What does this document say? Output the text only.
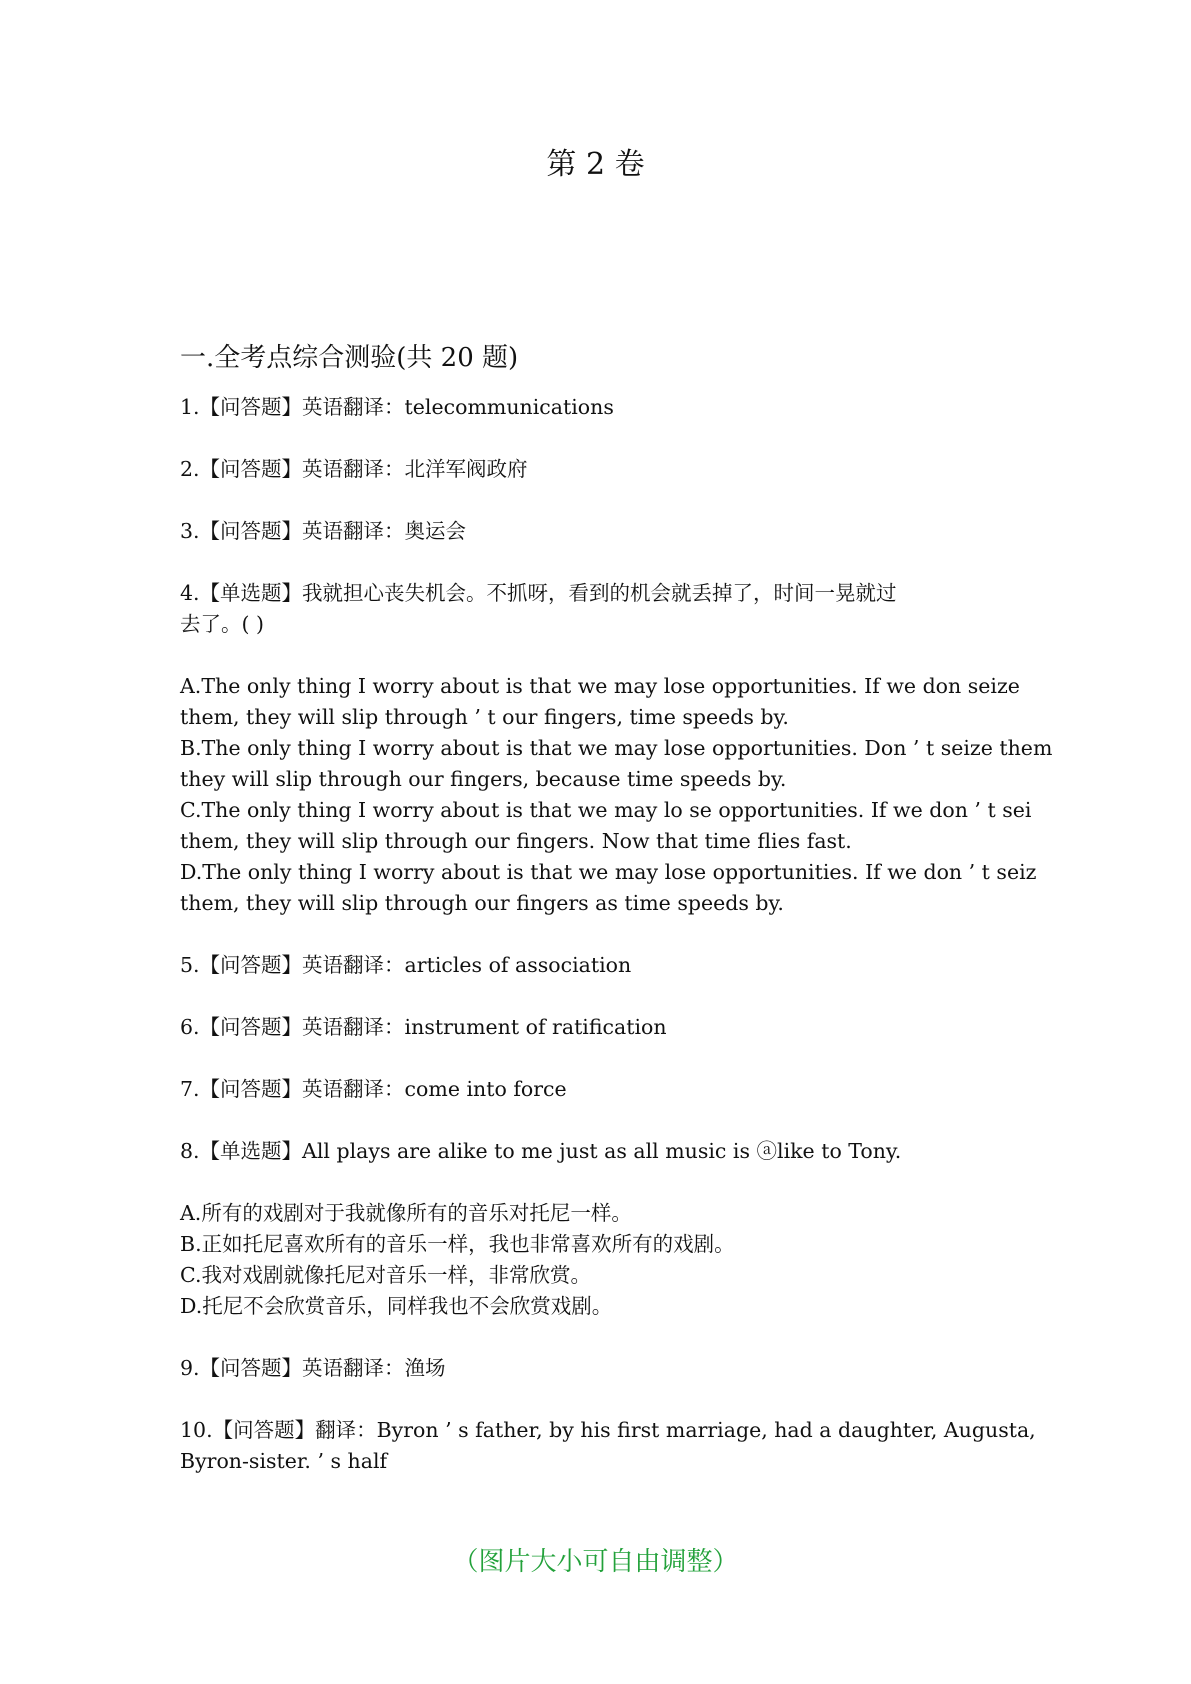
第 2 卷
一.全考点综合测验(共 20 题)
1.【问答题】英语翻译：telecommunications
2.【问答题】英语翻译：北洋军阀政府
3.【问答题】英语翻译：奥运会
4.【单选题】我就担心丧失机会。不抓呀，看到的机会就丢掉了，时间一晃就过
去了。( )
A.The only thing I worry about is that we may lose opportunities. If we don seize
them, they will slip through ’ t our fingers, time speeds by.
B.The only thing I worry about is that we may lose opportunities. Don ’ t seize them
they will slip through our fingers, because time speeds by.
C.The only thing I worry about is that we may lo se opportunities. If we don ’ t sei
them, they will slip through our fingers. Now that time flies fast.
D.The only thing I worry about is that we may lose opportunities. If we don ’ t seiz
them, they will slip through our fingers as time speeds by.
5.【问答题】英语翻译：articles of association
6.【问答题】英语翻译：instrument of ratification
7.【问答题】英语翻译：come into force
8.【单选题】All plays are alike to me just as all music is ⓐlike to Tony.
A.所有的戏剧对于我就像所有的音乐对托尼一样。
B.正如托尼喜欢所有的音乐一样，我也非常喜欢所有的戏剧。
C.我对戏剧就像托尼对音乐一样，非常欣赏。
D.托尼不会欣赏音乐，同样我也不会欣赏戏剧。
9.【问答题】英语翻译：渔场
10.【问答题】翻译：Byron ’ s father, by his first marriage, had a daughter, Augusta,
Byron-sister. ’ s half
（图片大小可自由调整）
